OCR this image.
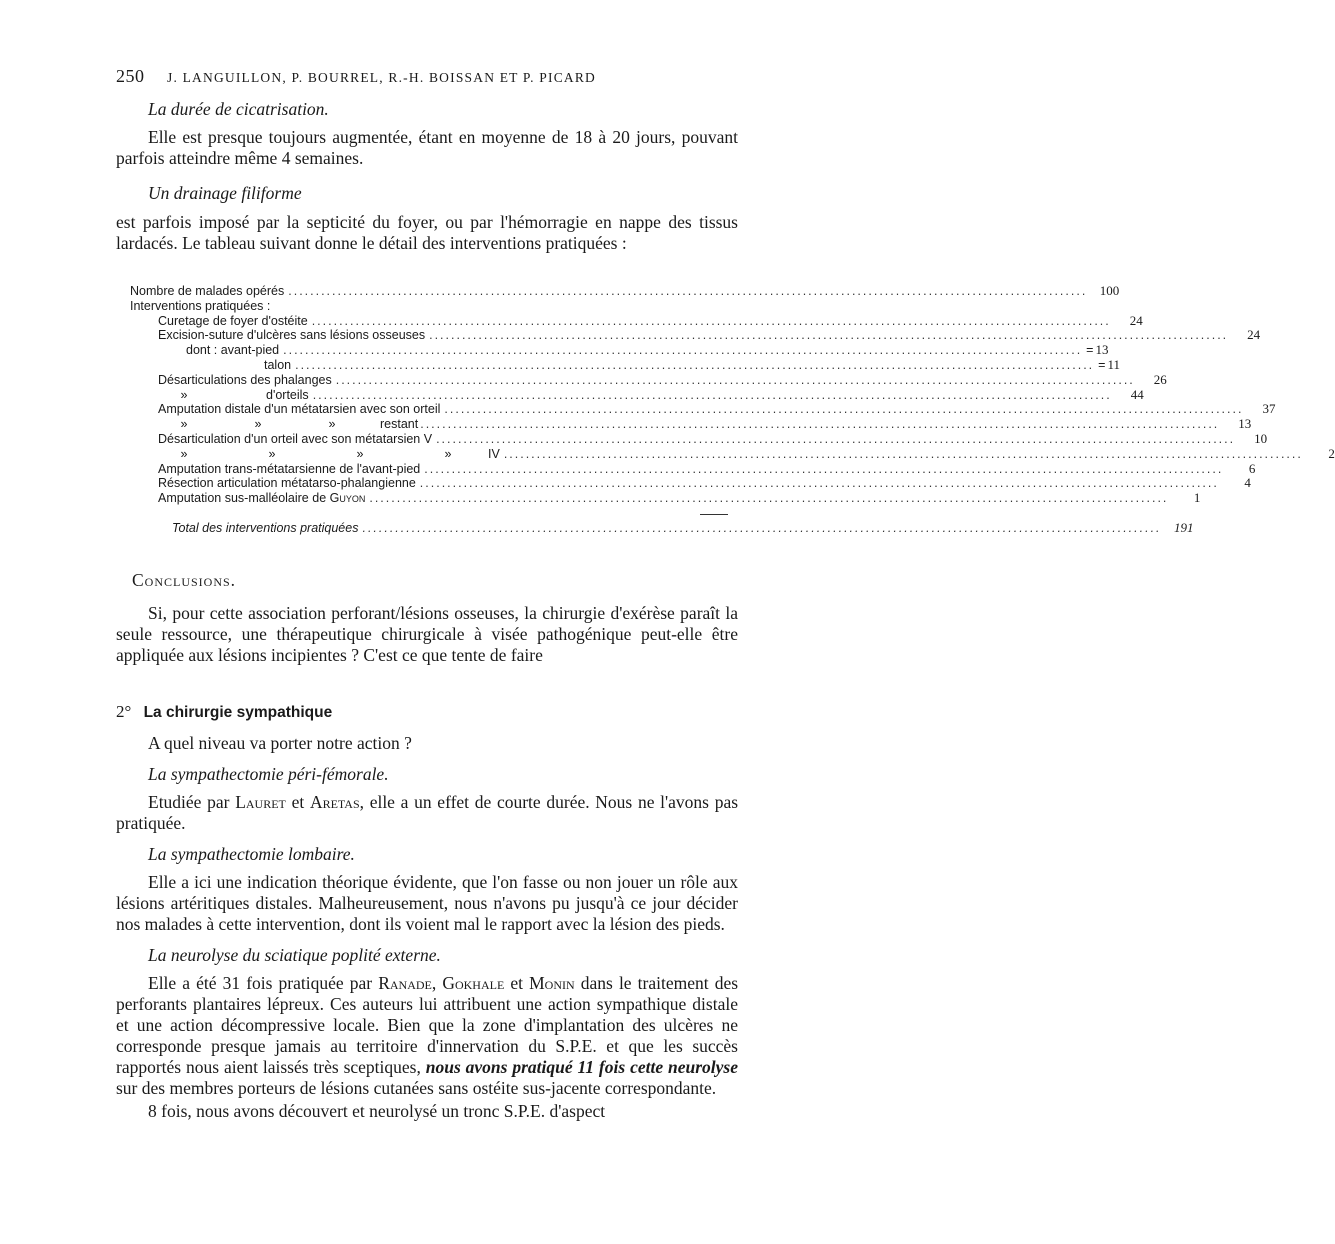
250 J. LANGUILLON, P. BOURREL, R.-H. BOISSAN ET P. PICARD
La durée de cicatrisation.
Elle est presque toujours augmentée, étant en moyenne de 18 à 20 jours, pouvant parfois atteindre même 4 semaines.
Un drainage filiforme
est parfois imposé par la septicité du foyer, ou par l'hémorragie en nappe des tissus lardacés. Le tableau suivant donne le détail des interventions pratiquées :
Nombre de malades opérés .................................................................................................................................................. 100
Interventions pratiquées :
Curetage de foyer d'ostéite ..................................................................................................................................................	24
Excision-suture d'ulcères sans lésions osseuses ..................................................................................................................................................	24
dont : avant-pied .................................................................................................................................................. = 13
talon .................................................................................................................................................. = 11
Désarticulations des phalanges ..................................................................................................................................................	26
»	d'orteils ..................................................................................................................................................	44
Amputation distale d'un métatarsien avec son orteil ..................................................................................................................................................	37
»	»	»	restant ..................................................................................................................................................	13
Désarticulation d'un orteil avec son métatarsien V ..................................................................................................................................................	10
»	»	»	»	IV ..................................................................................................................................................	2
Amputation trans-métatarsienne de l'avant-pied ..................................................................................................................................................	6
Résection articulation métatarso-phalangienne ..................................................................................................................................................	4
Amputation sus-malléolaire de Guyon ..................................................................................................................................................	1
Total des interventions pratiquées .................................................................................................................................................. 191
Conclusions.
Si, pour cette association perforant/lésions osseuses, la chirurgie d'exérèse paraît la seule ressource, une thérapeutique chirurgicale à visée pathogénique peut-elle être appliquée aux lésions incipientes ? C'est ce que tente de faire
2° La chirurgie sympathique
A quel niveau va porter notre action ?
La sympathectomie péri-fémorale.
Etudiée par Lauret et Aretas, elle a un effet de courte durée. Nous ne l'avons pas pratiquée.
La sympathectomie lombaire.
Elle a ici une indication théorique évidente, que l'on fasse ou non jouer un rôle aux lésions artéritiques distales. Malheureusement, nous n'avons pu jusqu'à ce jour décider nos malades à cette intervention, dont ils voient mal le rapport avec la lésion des pieds.
La neurolyse du sciatique poplité externe.
Elle a été 31 fois pratiquée par Ranade, Gokhale et Monin dans le traitement des perforants plantaires lépreux. Ces auteurs lui attribuent une action sympathique distale et une action décompressive locale. Bien que la zone d'implantation des ulcères ne corresponde presque jamais au territoire d'innervation du S.P.E. et que les succès rapportés nous aient laissés très sceptiques, nous avons pratiqué 11 fois cette neurolyse sur des membres porteurs de lésions cutanées sans ostéite sus-jacente correspondante.
8 fois, nous avons découvert et neurolysé un tronc S.P.E. d'aspect
